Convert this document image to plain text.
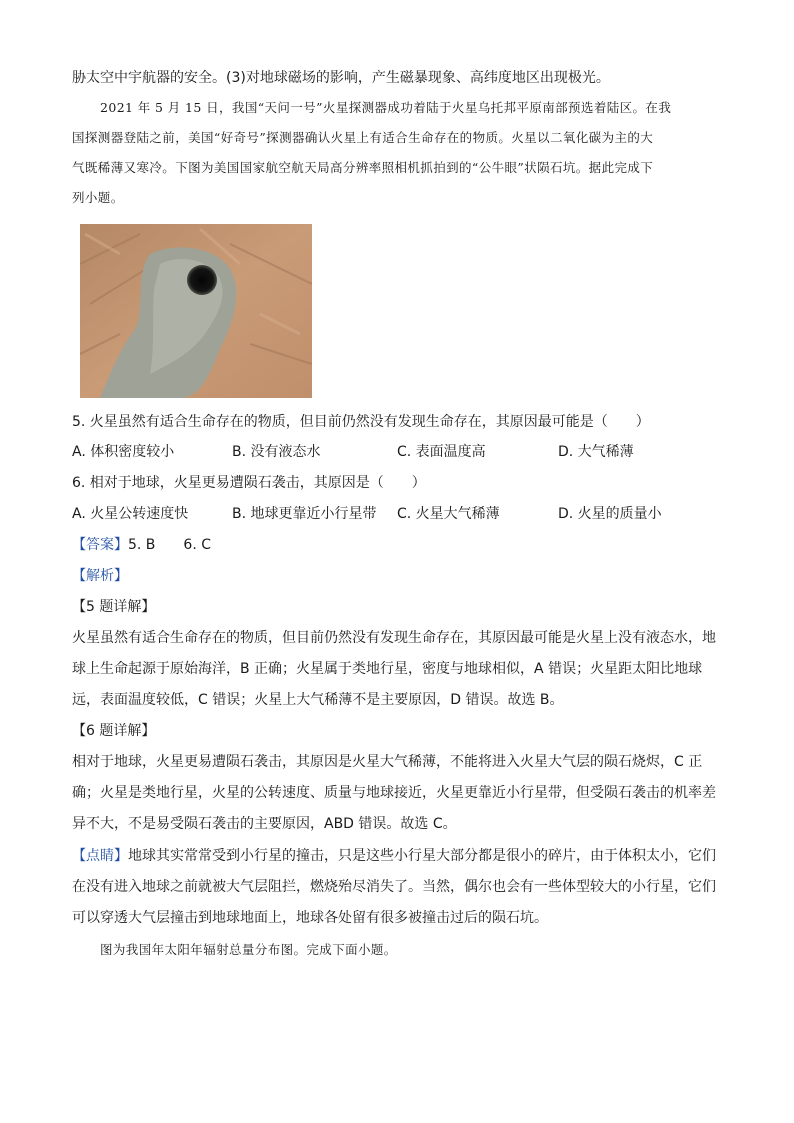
胁太空中宇航器的安全。(3)对地球磁场的影响，产生磁暴现象、高纬度地区出现极光。
2021 年 5 月 15 日，我国“天问一号”火星探测器成功着陆于火星乌托邦平原南部预选着陆区。在我
国探测器登陆之前，美国“好奇号”探测器确认火星上有适合生命存在的物质。火星以二氧化碳为主的大
气既稀薄又寒冷。下图为美国国家航空航天局高分辨率照相机抓拍到的“公牛眼”状陨石坑。据此完成下
列小题。
5. 火星虽然有适合生命存在的物质，但目前仍然没有发现生命存在，其原因最可能是（　　）
A. 体积密度较小	B. 没有液态水	C. 表面温度高	D. 大气稀薄
6. 相对于地球，火星更易遭陨石袭击，其原因是（　　）
A. 火星公转速度快	B. 地球更靠近小行星带 C. 火星大气稀薄	D. 火星的质量小
【答案】5. B　　6. C
【解析】
【5 题详解】
火星虽然有适合生命存在的物质，但目前仍然没有发现生命存在，其原因最可能是火星上没有液态水，地
球上生命起源于原始海洋，B 正确；火星属于类地行星，密度与地球相似，A 错误；火星距太阳比地球
远，表面温度较低，C 错误；火星上大气稀薄不是主要原因，D 错误。故选 B。
【6 题详解】
相对于地球，火星更易遭陨石袭击，其原因是火星大气稀薄，不能将进入火星大气层的陨石烧烬，C 正
确；火星是类地行星，火星的公转速度、质量与地球接近，火星更靠近小行星带，但受陨石袭击的机率差
异不大，不是易受陨石袭击的主要原因，ABD 错误。故选 C。
【点睛】地球其实常常受到小行星的撞击，只是这些小行星大部分都是很小的碎片，由于体积太小，它们
在没有进入地球之前就被大气层阻拦，燃烧殆尽消失了。当然，偶尔也会有一些体型较大的小行星，它们
可以穿透大气层撞击到地球地面上，地球各处留有很多被撞击过后的陨石坑。
图为我国年太阳年辐射总量分布图。完成下面小题。
